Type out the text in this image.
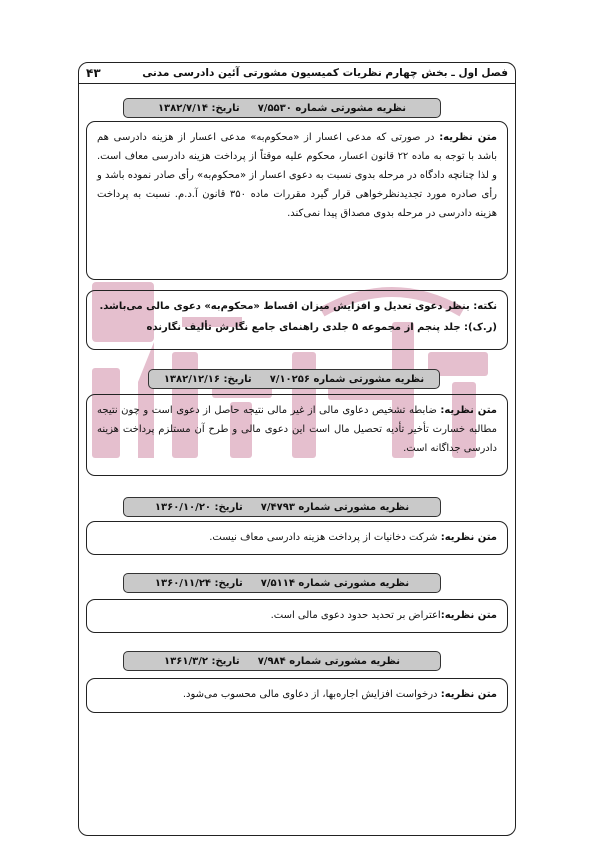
فصل اول ـ بخش چهارم نظریات کمیسیون مشورتی آئین دادرسی مدنی
۴۳
نظریه مشورتی شماره ۷/۵۵۳۰
تاریخ: ۱۳۸۲/۷/۱۴
متن نظریه: در صورتی که مدعی اعسار از «محکوم‌به» مدعی اعسار از هزینه دادرسی هم باشد با توجه به ماده ۲۲ قانون اعسار، محکوم علیه موقتاً از پرداخت هزینه دادرسی معاف است. و لذا چنانچه دادگاه در مرحله بدوی نسبت به دعوی اعسار از «محکوم‌به» رأی صادر نموده باشد و رأی صادره مورد تجدیدنظرخواهی قرار گیرد مقررات ماده ۳۵۰ قانون آ.د.م. نسبت به پرداخت هزینه دادرسی در مرحله بدوی مصداق پیدا نمی‌کند.
نکته: بنظر دعوی تعدیل و افزایش میزان اقساط «محکوم‌به» دعوی مالی می‌باشد.
(ر.ک): جلد پنجم از مجموعه ۵ جلدی راهنمای جامع نگارش تألیف نگارنده
نظریه مشورتی شماره ۷/۱۰۲۵۶
تاریخ: ۱۳۸۲/۱۲/۱۶
متن نظریه: ضابطه تشخیص دعاوی مالی از غیر مالی نتیجه حاصل از دعوی است و چون نتیجه مطالبه خسارت تأخیر تأدیه تحصیل مال است این دعوی مالی و طرح آن مستلزم پرداخت هزینه دادرسی جداگانه است.
نظریه مشورتی شماره ۷/۴۷۹۳
تاریخ: ۱۳۶۰/۱۰/۲۰
متن نظریه: شرکت دخانیات از پرداخت هزینه دادرسی معاف نیست.
نظریه مشورتی شماره ۷/۵۱۱۴
تاریخ: ۱۳۶۰/۱۱/۲۴
متن نظریه:اعتراض بر تحدید حدود دعوی مالی است.
نظریه مشورتی شماره ۷/۹۸۴
تاریخ: ۱۳۶۱/۳/۲
متن نظریه: درخواست افزایش اجاره‌بها، از دعاوی مالی محسوب می‌شود.
